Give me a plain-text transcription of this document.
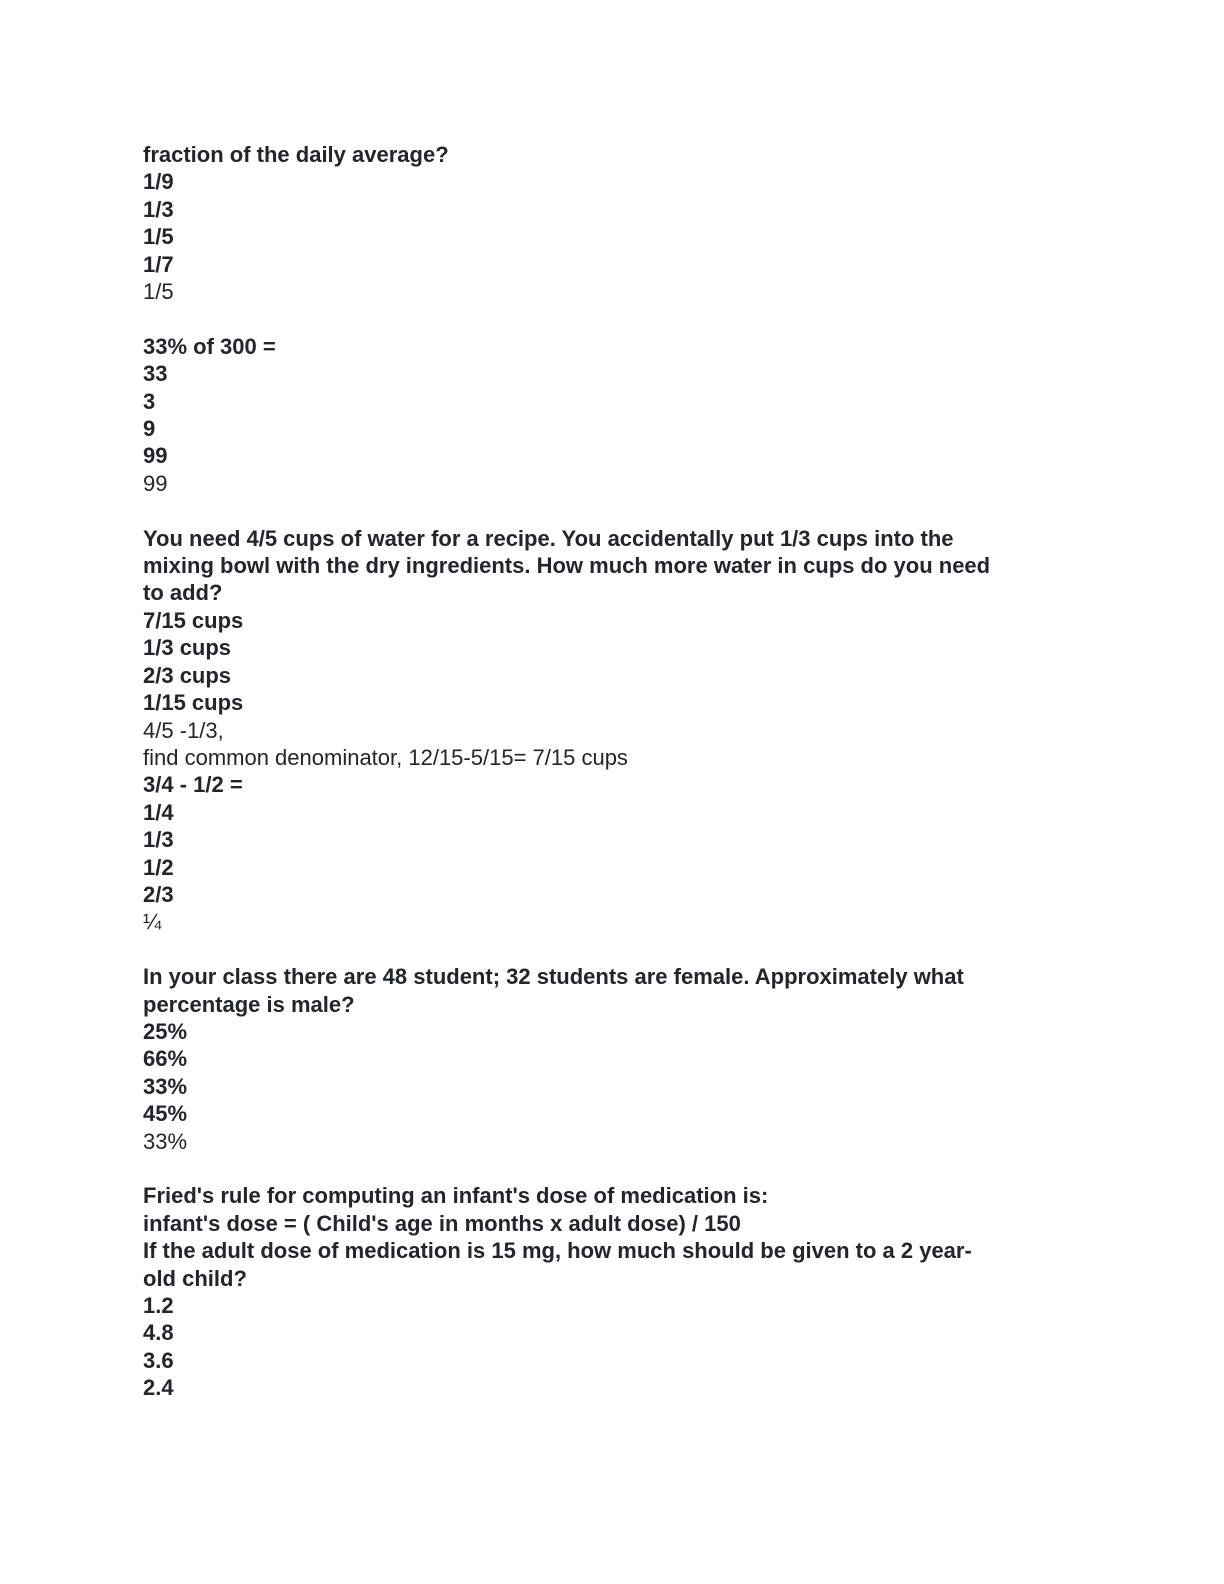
fraction of the daily average?

1/9

1/3

1/5

1/7

1/5

33% of 300 =

33

3

9

99

99

You need 4/5 cups of water for a recipe. You accidentally put 1/3 cups into the

mixing bowl with the dry ingredients. How much more water in cups do you need

to add?

7/15 cups

1/3 cups

2/3 cups

1/15 cups

4/5 -1/3,

find common denominator, 12/15-5/15= 7/15 cups

3/4 - 1/2 =

1/4

1/3

1/2

2/3

¼

In your class there are 48 student; 32 students are female. Approximately what

percentage is male?

25%

66%

33%

45%

33%

Fried's rule for computing an infant's dose of medication is:

infant's dose = ( Child's age in months x adult dose) / 150

If the adult dose of medication is 15 mg, how much should be given to a 2 year-

old child?

1.2

4.8

3.6

2.4
